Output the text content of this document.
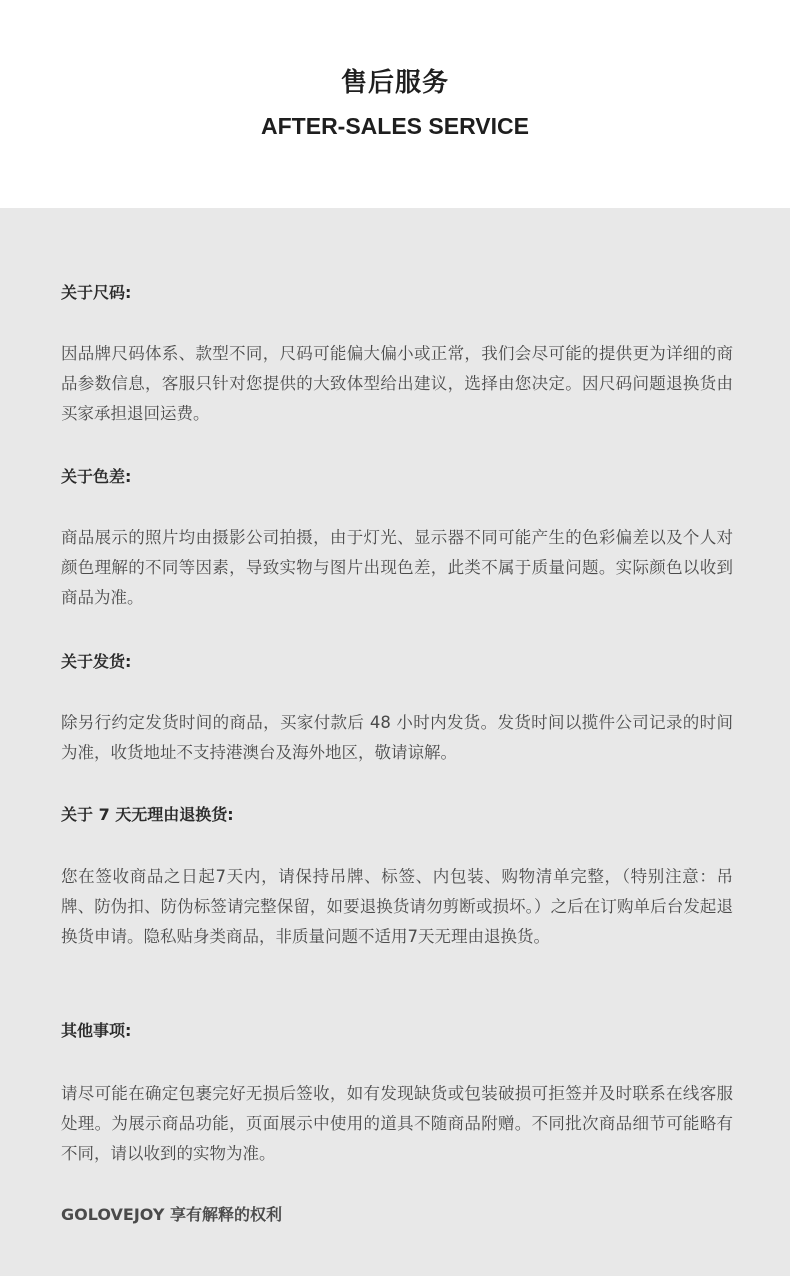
售后服务
AFTER-SALES SERVICE
关于尺码:
因品牌尺码体系、款型不同，尺码可能偏大偏小或正常，我们会尽可能的提供更为详细的商品参数信息，客服只针对您提供的大致体型给出建议，选择由您决定。因尺码问题退换货由买家承担退回运费。
关于色差:
商品展示的照片均由摄影公司拍摄，由于灯光、显示器不同可能产生的色彩偏差以及个人对颜色理解的不同等因素，导致实物与图片出现色差，此类不属于质量问题。实际颜色以收到商品为准。
关于发货:
除另行约定发货时间的商品，买家付款后 48 小时内发货。发货时间以揽件公司记录的时间为准，收货地址不支持港澳台及海外地区，敬请谅解。
关于 7 天无理由退换货:
您在签收商品之日起7天内，请保持吊牌、标签、内包装、购物清单完整，（特别注意：吊牌、防伪扣、防伪标签请完整保留，如要退换货请勿剪断或损坏。）之后在订购单后台发起退换货申请。隐私贴身类商品，非质量问题不适用7天无理由退换货。
其他事项:
请尽可能在确定包裹完好无损后签收，如有发现缺货或包装破损可拒签并及时联系在线客服处理。为展示商品功能，页面展示中使用的道具不随商品附赠。不同批次商品细节可能略有不同，请以收到的实物为准。
GOLOVEJOY 享有解释的权利
